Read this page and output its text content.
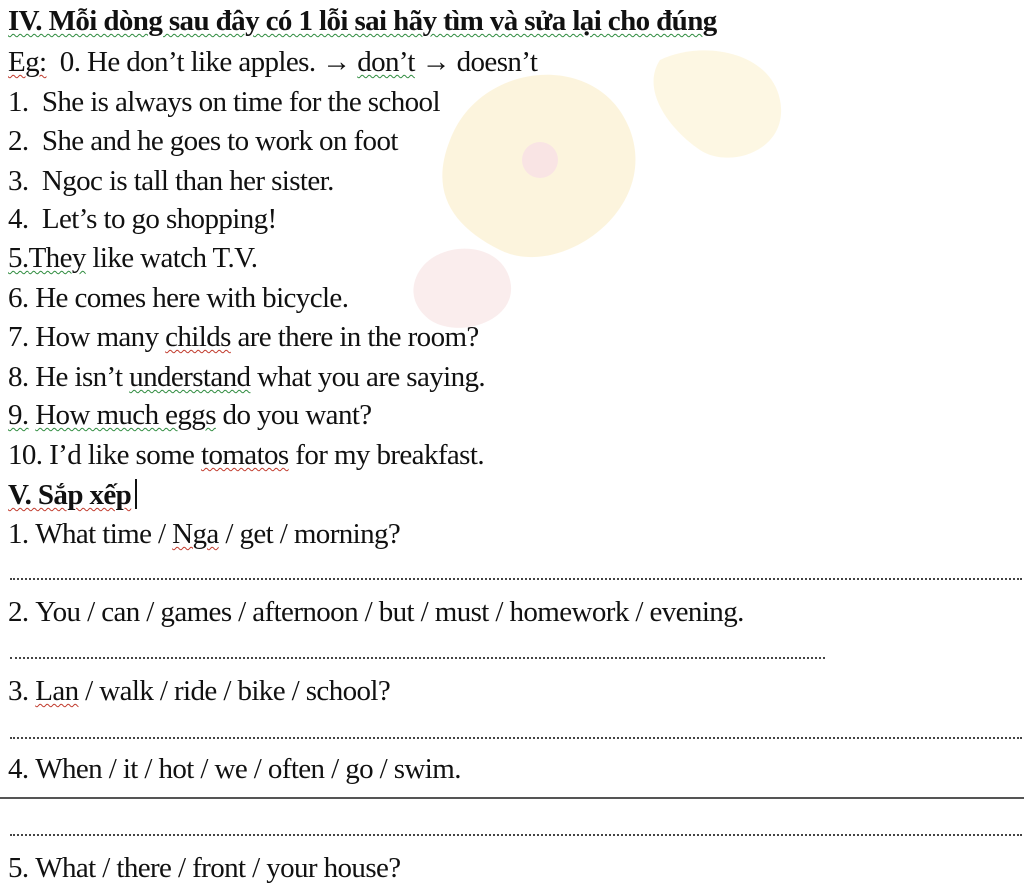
IV. Mỗi dòng sau đây có 1 lỗi sai hãy tìm và sửa lại cho đúng
Eg: 0. He don’t like apples. → don’t → doesn’t
1. She is always on time for the school
2. She and he goes to work on foot
3. Ngoc is tall than her sister.
4. Let’s to go shopping!
5.They like watch T.V.
6. He comes here with bicycle.
7. How many childs are there in the room?
8. He isn’t understand what you are saying.
9. How much eggs do you want?
10. I’d like some tomatos for my breakfast.
V. Sắp xếp
1. What time / Nga / get / morning?
2. You / can / games / afternoon / but / must / homework / evening.
3. Lan / walk / ride / bike / school?
4. When / it / hot / we / often / go / swim.
5. What / there / front / your house?
